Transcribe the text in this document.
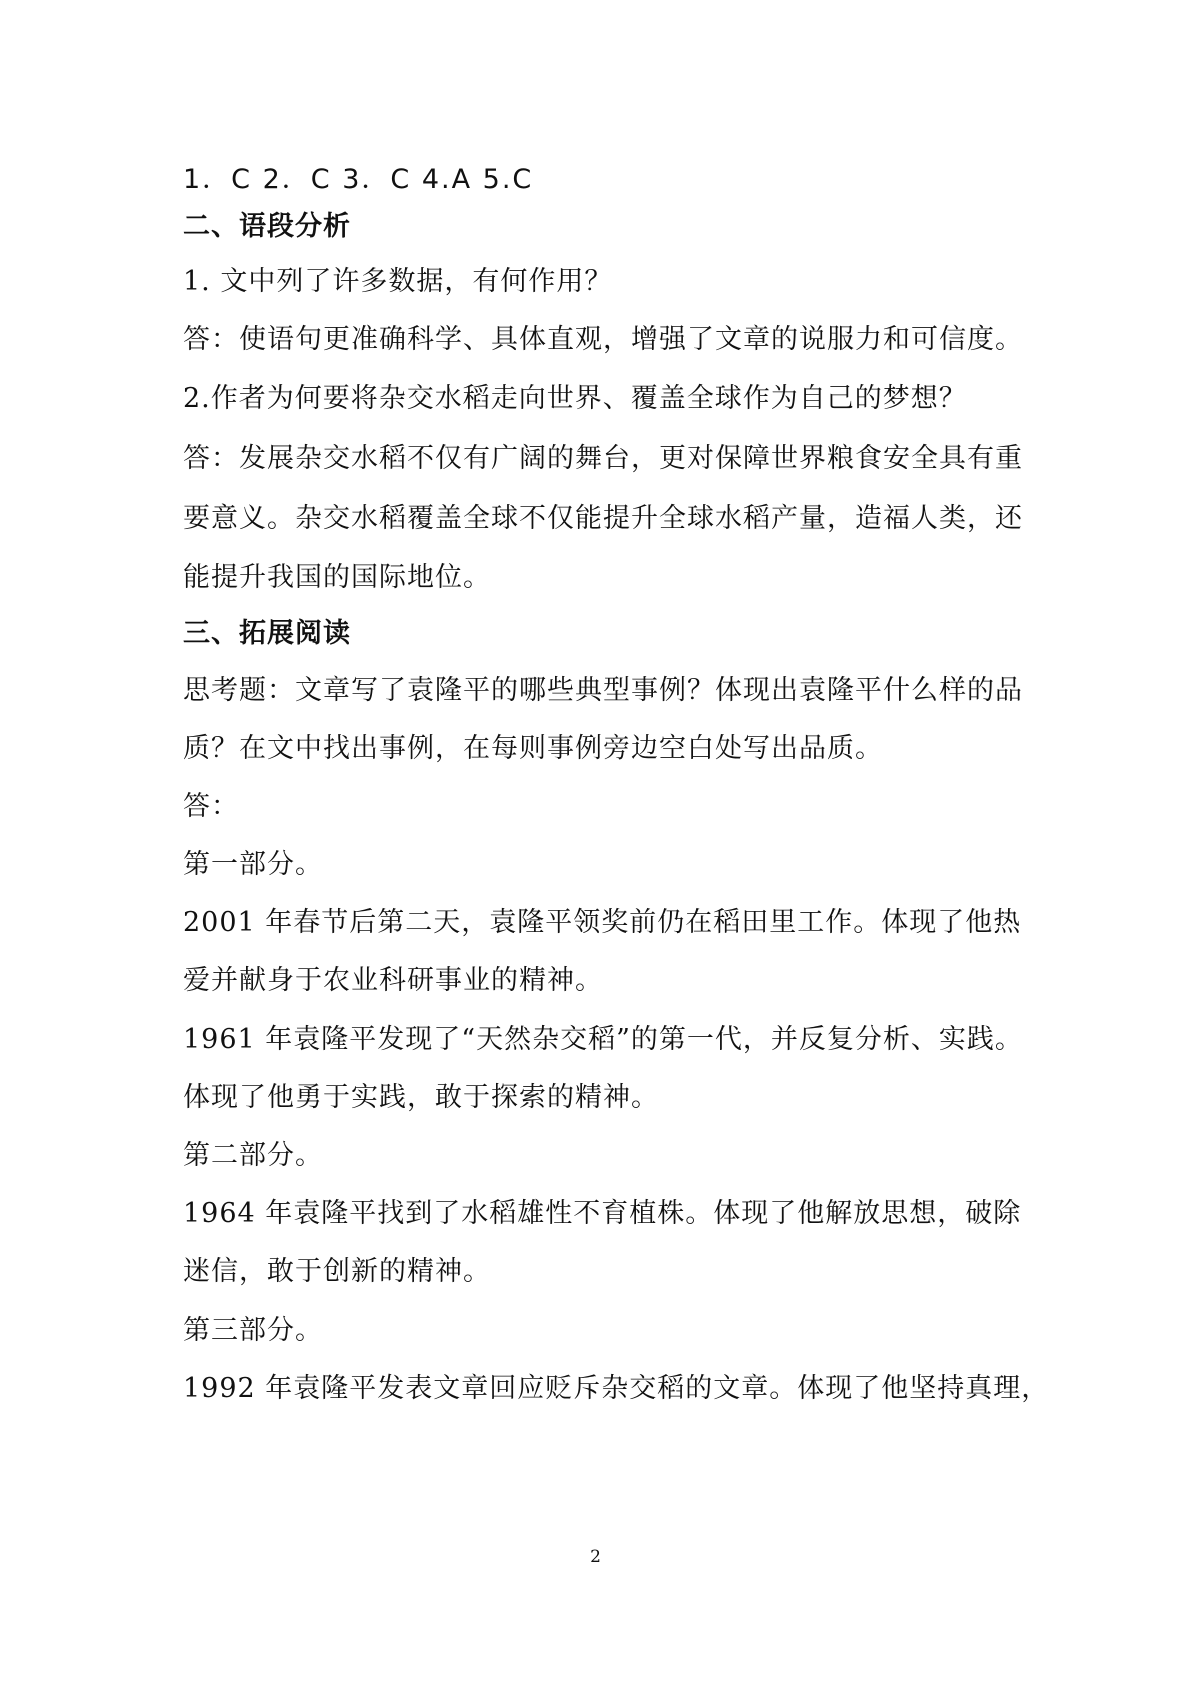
1．C 2．C 3．C 4.A 5.C
二、语段分析
1. 文中列了许多数据，有何作用？
答：使语句更准确科学、具体直观，增强了文章的说服力和可信度。
2.作者为何要将杂交水稻走向世界、覆盖全球作为自己的梦想？
答：发展杂交水稻不仅有广阔的舞台，更对保障世界粮食安全具有重
要意义。杂交水稻覆盖全球不仅能提升全球水稻产量，造福人类，还
能提升我国的国际地位。
三、拓展阅读
思考题：文章写了袁隆平的哪些典型事例？体现出袁隆平什么样的品
质？在文中找出事例，在每则事例旁边空白处写出品质。
答：
第一部分。
2001 年春节后第二天，袁隆平领奖前仍在稻田里工作。体现了他热
爱并献身于农业科研事业的精神。
1961 年袁隆平发现了“天然杂交稻”的第一代，并反复分析、实践。
体现了他勇于实践，敢于探索的精神。
第二部分。
1964 年袁隆平找到了水稻雄性不育植株。体现了他解放思想，破除
迷信，敢于创新的精神。
第三部分。
1992 年袁隆平发表文章回应贬斥杂交稻的文章。体现了他坚持真理，
2
